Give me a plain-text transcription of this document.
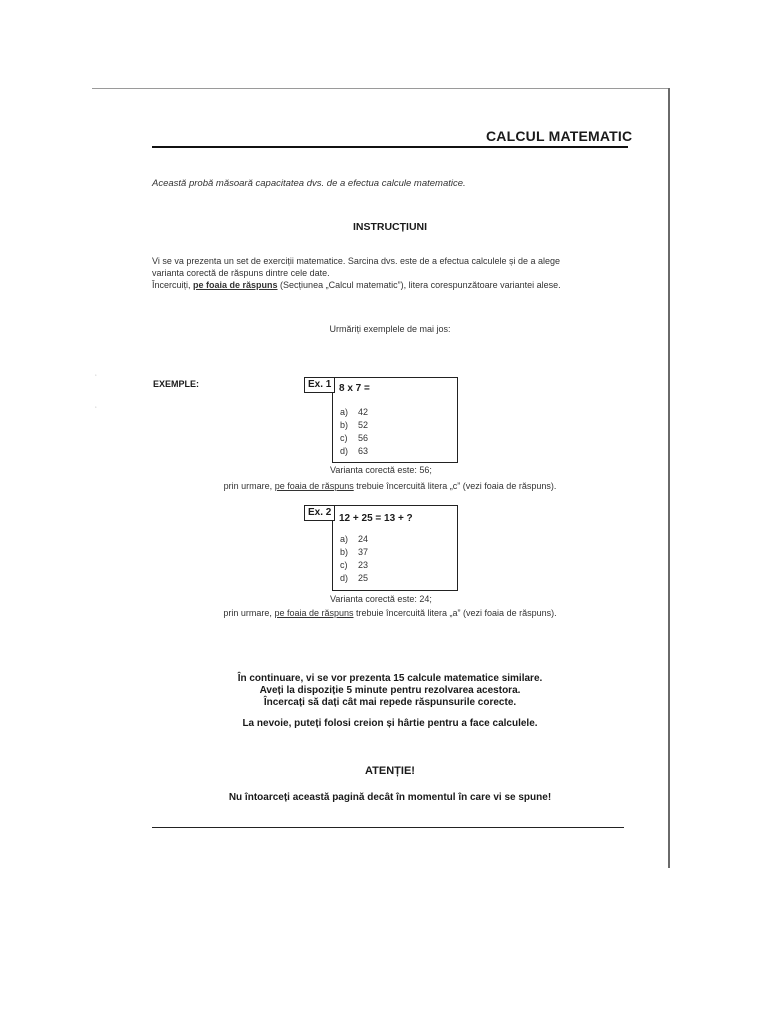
ʻ
ʻ
CALCUL MATEMATIC
Această probă măsoară capacitatea dvs. de a efectua calcule matematice.
INSTRUCȚIUNI

Vi se va prezenta un set de exerciții matematice. Sarcina dvs. este de a efectua calculele și de a alege

varianta corectă de răspuns dintre cele date.

Încercuiți, pe foaia de răspuns (Secțiunea „Calcul matematic”), litera corespunzătoare variantei alese.

Urmăriți exemplele de mai jos:
EXEMPLE:	8 x 7 =
a) 42
b) 52
c) 56
d) 63
Ex. 1
Varianta corectă este: 56;
prin urmare, pe foaia de răspuns trebuie încercuită litera „c” (vezi foaia de răspuns).
12 + 25 = 13 + ?
a) 24
b) 37
c) 23
d) 25
Ex. 2
Varianta corectă este: 24;
prin urmare, pe foaia de răspuns trebuie încercuită litera „a” (vezi foaia de răspuns).
În continuare, vi se vor prezenta 15 calcule matematice similare.
Aveți la dispoziție 5 minute pentru rezolvarea acestora.
Încercați să dați cât mai repede răspunsurile corecte.
La nevoie, puteți folosi creion și hârtie pentru a face calculele.
ATENȚIE!
Nu întoarceți această pagină decât în momentul în care vi se spune!
